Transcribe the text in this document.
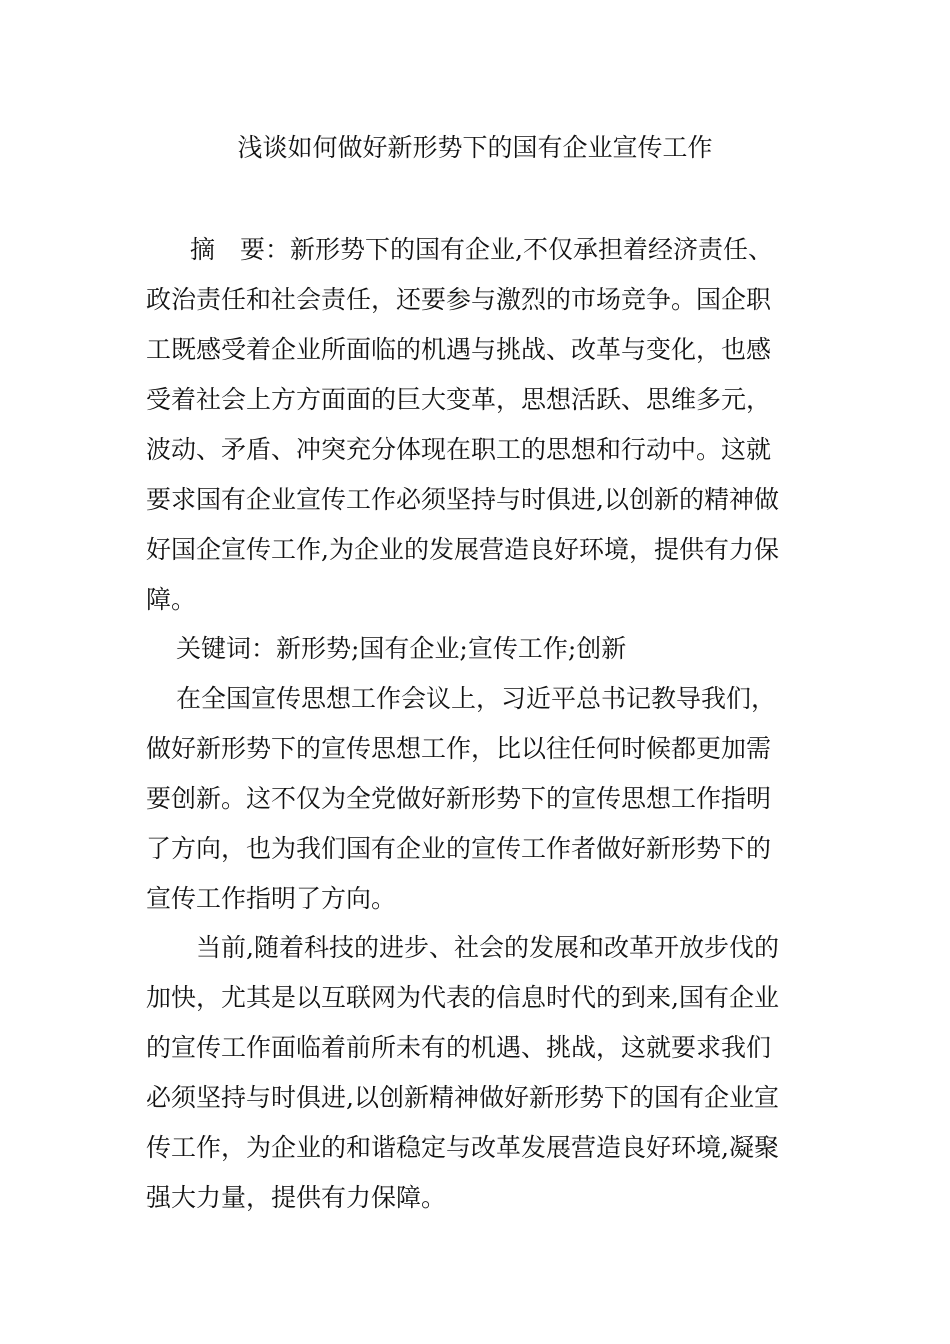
浅谈如何做好新形势下的国有企业宣传工作
摘　要：新形势下的国有企业,不仅承担着经济责任、
政治责任和社会责任，还要参与激烈的市场竞争。国企职
工既感受着企业所面临的机遇与挑战、改革与变化，也感
受着社会上方方面面的巨大变革，思想活跃、思维多元，
波动、矛盾、冲突充分体现在职工的思想和行动中。这就
要求国有企业宣传工作必须坚持与时俱进,以创新的精神做
好国企宣传工作,为企业的发展营造良好环境，提供有力保
障。
关键词：新形势;国有企业;宣传工作;创新
在全国宣传思想工作会议上，习近平总书记教导我们，
做好新形势下的宣传思想工作，比以往任何时候都更加需
要创新。这不仅为全党做好新形势下的宣传思想工作指明
了方向，也为我们国有企业的宣传工作者做好新形势下的
宣传工作指明了方向。
当前,随着科技的进步、社会的发展和改革开放步伐的
加快，尤其是以互联网为代表的信息时代的到来,国有企业
的宣传工作面临着前所未有的机遇、挑战，这就要求我们
必须坚持与时俱进,以创新精神做好新形势下的国有企业宣
传工作，为企业的和谐稳定与改革发展营造良好环境,凝聚
强大力量，提供有力保障。
